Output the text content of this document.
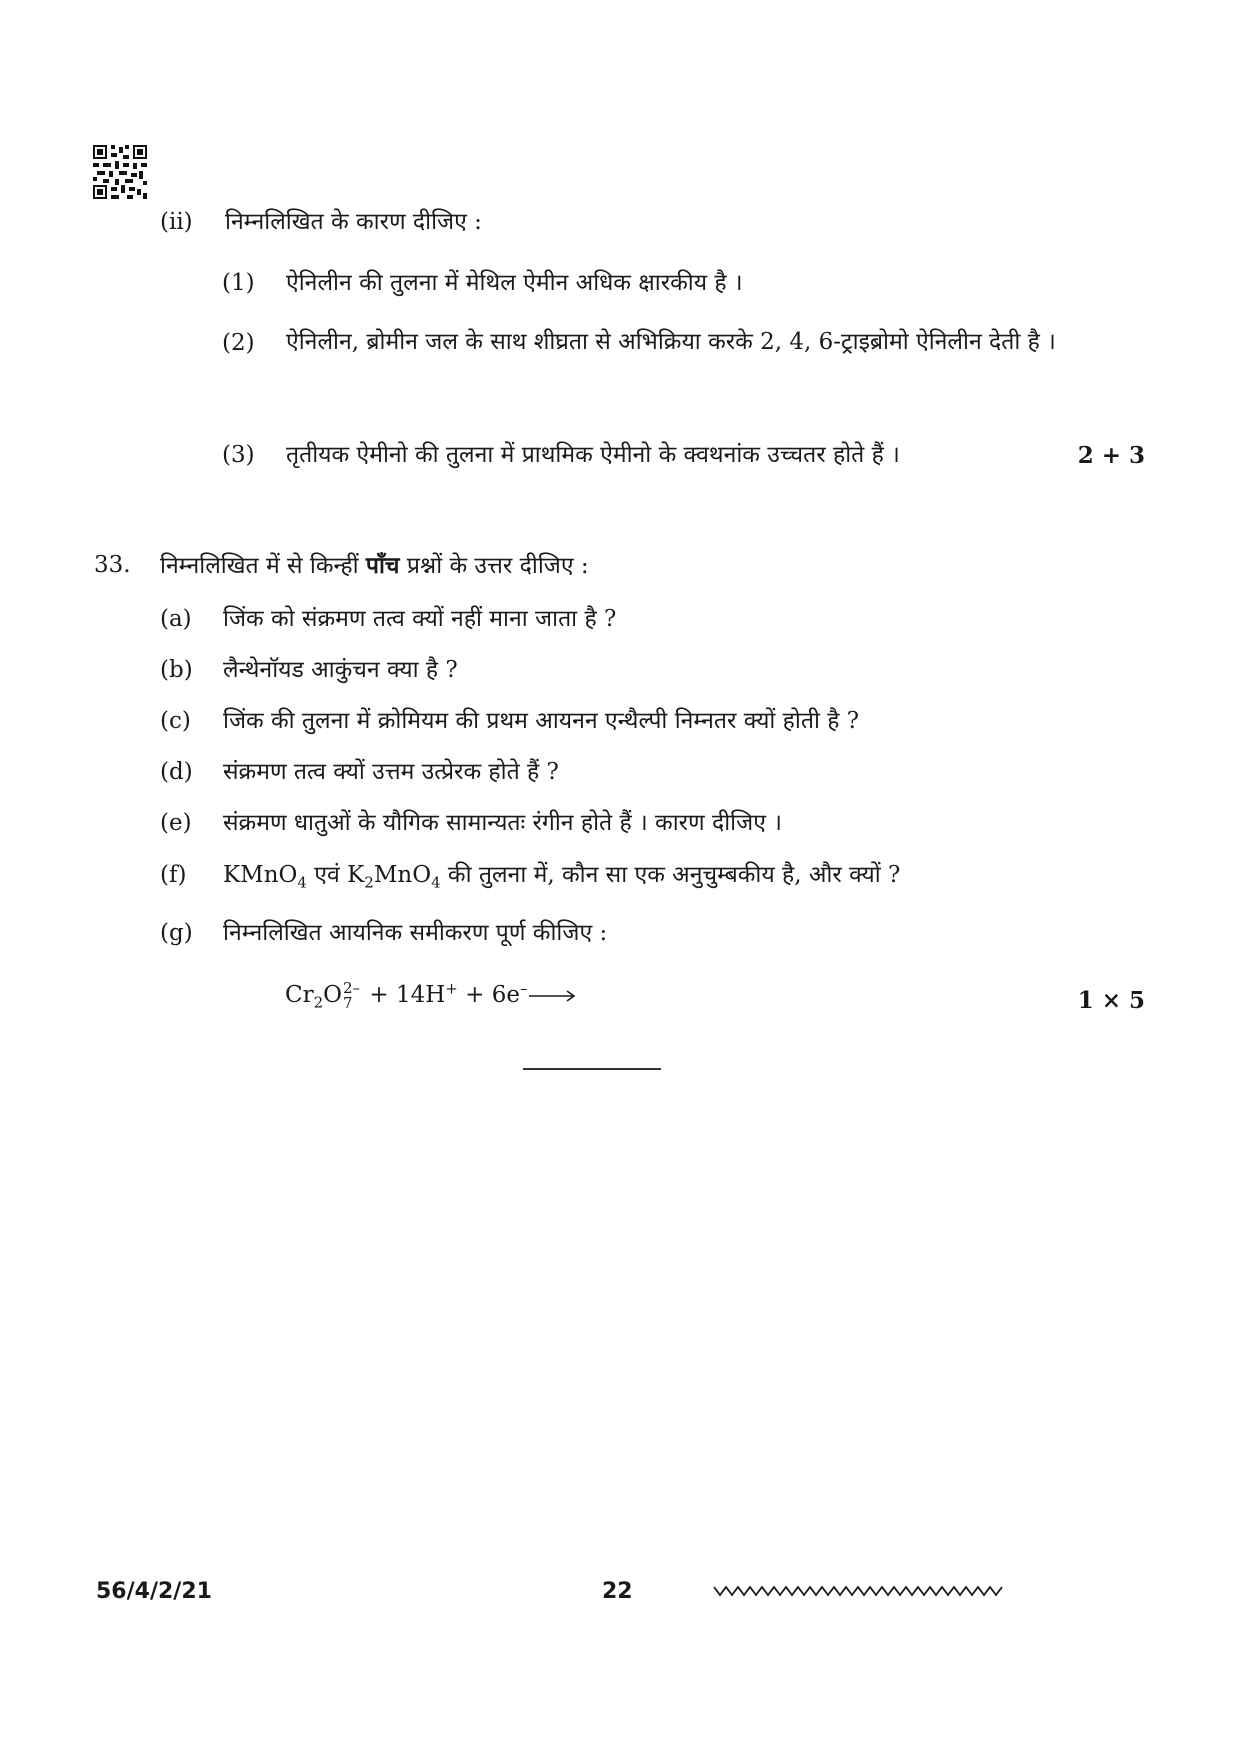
(ii) निम्नलिखित के कारण दीजिए :
(1) ऐनिलीन की तुलना में मेथिल ऐमीन अधिक क्षारकीय है ।
(2) ऐनिलीन, ब्रोमीन जल के साथ शीघ्रता से अभिक्रिया करके 2, 4, 6-ट्राइब्रोमो ऐनिलीन देती है ।
(3) तृतीयक ऐमीनो की तुलना में प्राथमिक ऐमीनो के क्वथनांक उच्चतर होते हैं ।	2 + 3
33. निम्नलिखित में से किन्हीं पाँच प्रश्नों के उत्तर दीजिए :
(a) जिंक को संक्रमण तत्व क्यों नहीं माना जाता है ?
(b) लैन्थेनॉयड आकुंचन क्या है ?
(c) जिंक की तुलना में क्रोमियम की प्रथम आयनन एन्थैल्पी निम्नतर क्यों होती है ?
(d) संक्रमण तत्व क्यों उत्तम उत्प्रेरक होते हैं ?
(e) संक्रमण धातुओं के यौगिक सामान्यतः रंगीन होते हैं । कारण दीजिए ।
(f) KMnO$_4$ एवं $K_2MnO_4$ की तुलना में, कौन सा एक अनुचुम्बकीय है, और क्यों ?
(g) निम्नलिखित आयनिक समीकरण पूर्ण कीजिए :
$Cr_2O$ 2–
7 + 14H+ + 6e–→	1 × 5
56/4/2/21	22
